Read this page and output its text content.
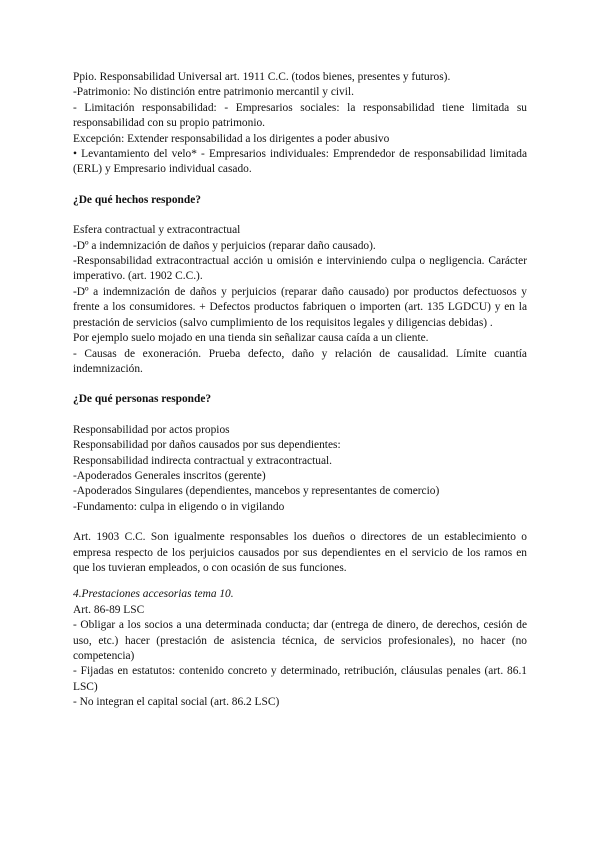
Ppio. Responsabilidad Universal art. 1911 C.C. (todos bienes, presentes y futuros).

-Patrimonio: No distinción entre patrimonio mercantil y civil.

- Limitación responsabilidad: - Empresarios sociales: la responsabilidad tiene limitada su responsabilidad con su propio patrimonio.

Excepción: Extender responsabilidad a los dirigentes a poder abusivo

• Levantamiento del velo* - Empresarios individuales: Emprendedor de responsabilidad limitada (ERL) y Empresario individual casado.

¿De qué hechos responde?

Esfera contractual y extracontractual

-Dº a indemnización de daños y perjuicios (reparar daño causado).

-Responsabilidad extracontractual acción u omisión e interviniendo culpa o negligencia. Carácter imperativo. (art. 1902 C.C.).

-Dº a indemnización de daños y perjuicios (reparar daño causado) por productos defectuosos y frente a los consumidores. + Defectos productos fabriquen o importen (art. 135 LGDCU) y en la prestación de servicios (salvo cumplimiento de los requisitos legales y diligencias debidas) .

Por ejemplo suelo mojado en una tienda sin señalizar causa caída a un cliente.

- Causas de exoneración. Prueba defecto, daño y relación de causalidad. Límite cuantía indemnización.

¿De qué personas responde?

Responsabilidad por actos propios

Responsabilidad por daños causados por sus dependientes:

Responsabilidad indirecta contractual y extracontractual.

-Apoderados Generales inscritos (gerente)

-Apoderados Singulares (dependientes, mancebos y representantes de comercio)

-Fundamento: culpa in eligendo o in vigilando

Art. 1903 C.C. Son igualmente responsables los dueños o directores de un establecimiento o empresa respecto de los perjuicios causados por sus dependientes en el servicio de los ramos en que los tuvieran empleados, o con ocasión de sus funciones.

4.Prestaciones accesorias tema 10.

Art. 86-89 LSC

- Obligar a los socios a una determinada conducta; dar (entrega de dinero, de derechos, cesión de uso, etc.) hacer (prestación de asistencia técnica, de servicios profesionales), no hacer (no competencia)

- Fijadas en estatutos: contenido concreto y determinado, retribución, cláusulas penales (art. 86.1 LSC)

- No integran el capital social (art. 86.2 LSC)
